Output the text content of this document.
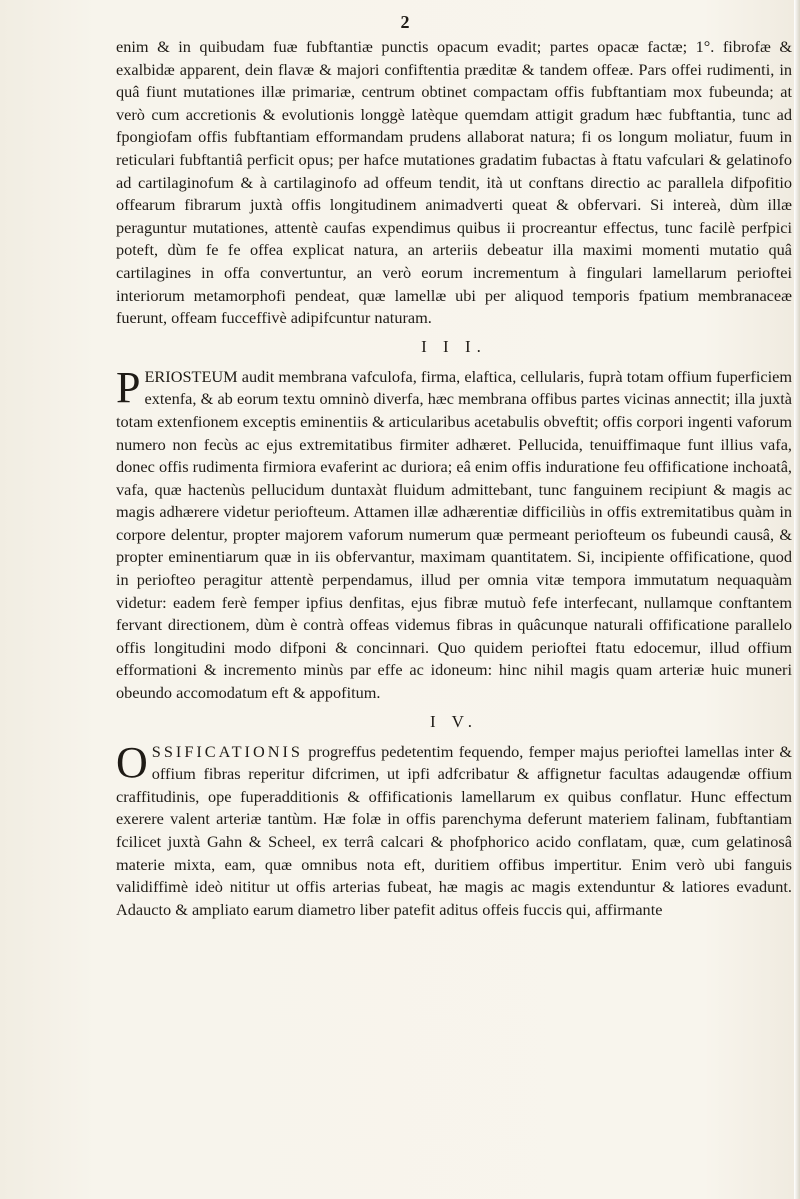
2

enim & in quibudam fuæ fubftantiæ punctis opacum evadit; partes opacæ factæ; 1°. fibrofæ & exalbidæ apparent, dein flavæ & majori confiftentia præditæ & tandem offeæ. Pars offei rudimenti, in quâ fiunt mutationes illæ primariæ, centrum obtinet compactam offis fubftantiam mox fubeunda; at verò cum accretionis & evolutionis longgè latèque quemdam attigit gradum hæc fubftantia, tunc ad fpongiofam offis fubftantiam efformandam prudens allaborat natura; fi os longum moliatur, fuum in reticulari fubftantiâ perficit opus; per hafce mutationes gradatim fubactas à ftatu vafculari & gelatinofo ad cartilaginofum & à cartilaginofo ad offeum tendit, ità ut conftans directio ac parallela difpofitio offearum fibrarum juxtà offis longitudinem animadverti queat & obfervari. Si intereà, dùm illæ peraguntur mutationes, attentè caufas expendimus quibus ii procreantur effectus, tunc facilè perfpici poteft, dùm fe fe offea explicat natura, an arteriis debeatur illa maximi momenti mutatio quâ cartilagines in offa convertuntur, an verò eorum incrementum à fingulari lamellarum perioftei interiorum metamorphofi pendeat, quæ lamellæ ubi per aliquod temporis fpatium membranaceæ fuerunt, offeam fucceffivè adipifcuntur naturam.

I I I.

PERIOSTEUM audit membrana vafculofa, firma, elaftica, cellularis, fuprà totam offium fuperficiem extenfa, & ab eorum textu omninò diverfa, hæc membrana offibus partes vicinas annectit; illa juxtà totam extenfionem exceptis eminentiis & articularibus acetabulis obveftit; offis corpori ingenti vaforum numero non fecùs ac ejus extremitatibus firmiter adhæret. Pellucida, tenuiffimaque funt illius vafa, donec offis rudimenta firmiora evaferint ac duriora; eâ enim offis induratione feu offificatione inchoatâ, vafa, quæ hactenùs pellucidum duntaxàt fluidum admittebant, tunc fanguinem recipiunt & magis ac magis adhærere videtur periofteum. Attamen illæ adhærentiæ difficiliùs in offis extremitatibus quàm in corpore delentur, propter majorem vaforum numerum quæ permeant periofteum os fubeundi causâ, & propter eminentiarum quæ in iis obfervantur, maximam quantitatem. Si, incipiente offificatione, quod in periofteo peragitur attentè perpendamus, illud per omnia vitæ tempora immutatum nequaquàm videtur: eadem ferè femper ipfius denfitas, ejus fibræ mutuò fefe interfecant, nullamque conftantem fervant directionem, dùm è contrà offeas videmus fibras in quâcunque naturali offificatione parallelo offis longitudini modo difponi & concinnari. Quo quidem perioftei ftatu edocemur, illud offium efformationi & incremento minùs par effe ac idoneum: hinc nihil magis quam arteriæ huic muneri obeundo accomodatum eft & appofitum.

I V.

OSSIFICATIONIS progreffus pedetentim fequendo, femper majus perioftei lamellas inter & offium fibras reperitur difcrimen, ut ipfi adfcribatur & affignetur facultas adaugendæ offium craffitudinis, ope fuperadditionis & offificationis lamellarum ex quibus conflatur. Hunc effectum exerere valent arteriæ tantùm. Hæ folæ in offis parenchyma deferunt materiem falinam, fubftantiam fcilicet juxtà Gahn & Scheel, ex terrâ calcari & phofphorico acido conflatam, quæ, cum gelatinosâ materie mixta, eam, quæ omnibus nota eft, duritiem offibus impertitur. Enim verò ubi fanguis validiffimè ideò nititur ut offis arterias fubeat, hæ magis ac magis extenduntur & latiores evadunt. Adaucto & ampliato earum diametro liber patefit aditus offeis fuccis qui, affirmante
